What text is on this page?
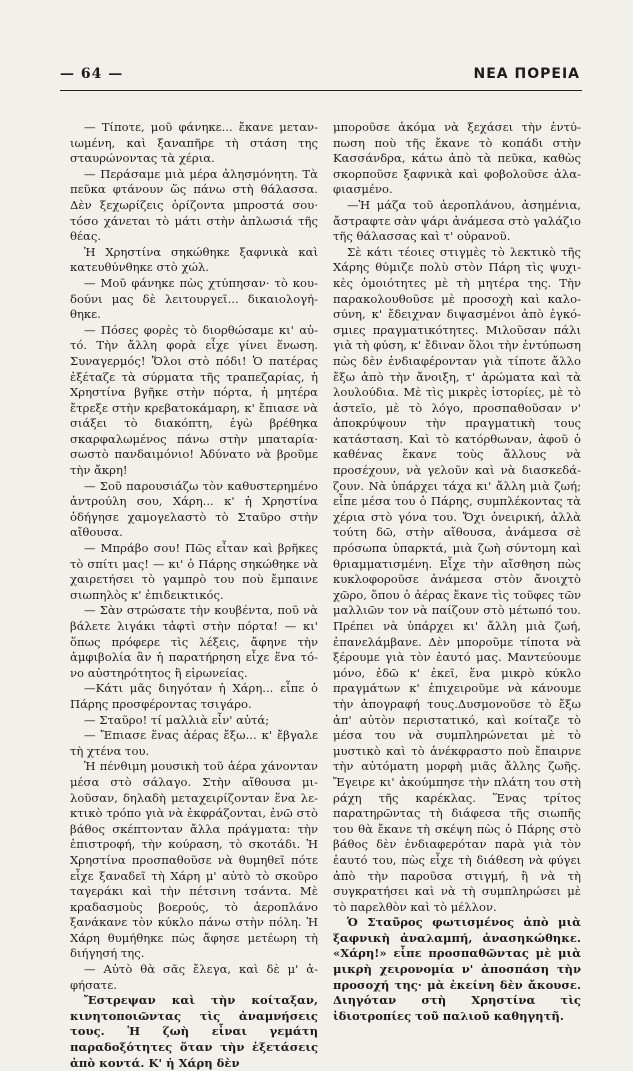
— 64 —	ΝΕΑ ΠΟΡΕΙΑ

— Τίποτε, μοῦ φάνηκε... ἔκανε μετανιωμένη, καὶ ξαναπῆρε τὴ στάση της σταυρώνοντας τὰ χέρια.

— Περάσαμε μιὰ μέρα ἀλησμόνητη. Τὰ πεῦκα φτάνουν ὥς πάνω στὴ θάλασσα. Δὲν ξεχωρίζεις ὁρίζοντα μπροστά σου· τόσο χάνεται τὸ μάτι στὴν ἀπλωσιά τῆς θέας.

Ἡ Χρηστίνα σηκώθηκε ξαφνικὰ καὶ κατευθύνθηκε στὸ χώλ.

— Μοῦ φάνηκε πὼς χτύπησαν· τὸ κουδούνι μας δὲ λειτουργεῖ... δικαιολογήθηκε.

— Πόσες φορὲς τὸ διορθώσαμε κι' αὐτό. Τὴν ἄλλη φορὰ εἶχε γίνει ἕνωση. Συναγερμός! Ὅλοι στὸ πόδι! Ὁ πατέρας ἐξέταζε τὰ σύρματα τῆς τραπεζαρίας, ἡ Χρηστίνα βγῆκε στὴν πόρτα, ἡ μητέρα ἔτρεξε στὴν κρεβατοκάμαρη, κ' ἔπιασε νὰ σιάξει τὸ διακόπτη, ἐγὼ βρέθηκα σκαρφαλωμένος πάνω στὴν μπαταρία· σωστὸ πανδαιμόνιο! Ἀδύνατο νὰ βροῦμε τὴν ἄκρη!

— Σοῦ παρουσιάζω τὸν καθυστερημένο ἀντρούλη σου, Χάρη... κ' ἡ Χρηστίνα ὁδήγησε χαμογελαστὸ τὸ Σταῦρο στὴν αἴθουσα.

— Μπράβο σου! Πῶς εἶταν καὶ βρῆκες τὸ σπίτι μας! — κι' ὁ Πάρης σηκώθηκε νὰ χαιρετήσει τὸ γαμπρὸ του ποὺ ἔμπαινε σιωπηλὸς κ' ἐπιδεικτικός.

— Σὰν στρώσατε τὴν κουβέντα, ποῦ νὰ βάλετε λιγάκι τἀφτὶ στὴν πόρτα! — κι' ὅπως πρόφερε τὶς λέξεις, ἄφηνε τὴν ἀμφιβολία ἂν ἡ παρατήρηση εἶχε ἕνα τόνο αὐστηρότητος ἢ εἰρωνείας.

—Κάτι μᾶς διηγόταν ἡ Χάρη... εἶπε ὁ Πάρης προσφέροντας τσιγάρο.

— Σταῦρο! τί μαλλιὰ εἶν' αὐτά;

— Ἔπιασε ἕνας ἀέρας ἔξω... κ' ἔβγαλε τὴ χτένα του.

Ἡ πένθιμη μουσικὴ τοῦ ἀέρα χάνονταν μέσα στὸ σάλαγο. Στὴν αἴθουσα μιλοῦσαν, δηλαδὴ μεταχειρίζονταν ἕνα λεκτικὸ τρόπο γιὰ νὰ ἐκφράζονται, ἐνῶ στὸ βάθος σκέπτονταν ἄλλα πράγματα: τὴν ἐπιστροφή, τὴν κούραση, τὸ σκοτάδι. Ἡ Χρηστίνα προσπαθοῦσε νὰ θυμηθεῖ πότε εἶχε ξαναδεῖ τὴ Χάρη μ' αὐτὸ τὸ σκοῦρο ταγεράκι καὶ τὴν πέτσινη τσάντα. Μὲ κραδασμοὺς βοερούς, τὸ ἀεροπλάνο ξανάκανε τὸν κύκλο πάνω στὴν πόλη. Ἡ Χάρη θυμήθηκε πὼς ἄφησε μετέωρη τὴ διήγησή της.

— Αὐτὸ θὰ σᾶς ἔλεγα, καὶ δὲ μ' ἀφήσατε.

Ἔστρεψαν καὶ τὴν κοίταξαν, κινητοποιῶντας τὶς ἀναμνήσεις τους. Ἡ ζωὴ εἶναι γεμάτη παραδοξότητες ὅταν τὴν ἐξετάσεις ἀπὸ κοντά. Κ' ἡ Χάρη δὲν

μποροῦσε ἀκόμα νὰ ξεχάσει τὴν ἐντύπωση ποὺ τῆς ἔκανε τὸ κοπάδι στὴν Κασσάνδρα, κάτω ἀπὸ τὰ πεῦκα, καθὼς σκορποῦσε ξαφνικὰ καὶ φοβολοῦσε ἀλαφιασμένο.

—Ἡ μάζα τοῦ ἀεροπλάνου, ἀσημένια, ἄστραφτε σὰν ψάρι ἀνάμεσα στὸ γαλάζιο τῆς θάλασσας καὶ τ' οὐρανοῦ.

Σὲ κάτι τέοιες στιγμὲς τὸ λεκτικὸ τῆς Χάρης θύμιζε πολὺ στὸν Πάρη τὶς ψυχικὲς ὁμοιότητες μὲ τὴ μητέρα της. Τὴν παρακολουθοῦσε μὲ προσοχὴ καὶ καλοσύνη, κ' ἔδειχναν διψασμένοι ἀπὸ ἐγκόσμιες πραγματικότητες. Μιλοῦσαν πάλι γιὰ τὴ φύση, κ' ἔδιναν ὅλοι τὴν ἐντύπωση πὼς δὲν ἐνδιαφέρονταν γιὰ τίποτε ἄλλο ἔξω ἀπὸ τὴν ἄνοιξη, τ' ἀρώματα καὶ τὰ λουλούδια. Μὲ τὶς μικρὲς ἱστορίες, μὲ τὸ ἀστεῖο, μὲ τὸ λόγο, προσπαθοῦσαν ν' ἀποκρύψουν τὴν πραγματικὴ τους κατάσταση. Καὶ τὸ κατόρθωναν, ἀφοῦ ὁ καθένας ἔκανε τοὺς ἄλλους νὰ προσέχουν, νὰ γελοῦν καὶ νὰ διασκεδάζουν. Νὰ ὑπάρχει τάχα κι' ἄλλη μιὰ ζωή; εἶπε μέσα του ὁ Πάρης, συμπλέκοντας τὰ χέρια στὸ γόνα του. Ὄχι ὀνειρική, ἀλλὰ τούτη δῶ, στὴν αἴθουσα, ἀνάμεσα σὲ πρόσωπα ὑπαρκτά, μιὰ ζωὴ σύντομη καὶ θριαμματισμένη. Εἶχε τὴν αἴσθηση πὼς κυκλοφοροῦσε ἀνάμεσα στὸν ἄνοιχτὸ χῶρο, ὅπου ὁ ἀέρας ἔκανε τὶς τοῦφες τῶν μαλλιῶν τον νὰ παίζουν στὸ μέτωπό του. Πρέπει νὰ ὑπάρχει κι' ἄλλη μιὰ ζωή, ἐπανελάμβανε. Δὲν μποροῦμε τίποτα νὰ ξέρουμε γιὰ τὸν ἑαυτό μας. Μαντεύουμε μόνο, ἐδῶ κ' ἐκεῖ, ἕνα μικρὸ κύκλο πραγμάτων κ' ἐπιχειροῦμε νὰ κάνουμε τὴν ἀπογραφή τους.Δυσμονοῦσε τὸ ἔξω ἀπ' αὐτὸν περιστατικό, καὶ κοίταζε τὸ μέσα του νὰ συμπληρώνεται μὲ τὸ μυστικὸ καὶ τὸ ἀνέκφραστο ποὺ ἔπαιρνε τὴν αὐτόματη μορφὴ μιᾶς ἄλλης ζωῆς. Ἔγειρε κι' ἀκούμπησε τὴν πλάτη του στὴ ράχη τῆς καρέκλας. Ἕνας τρίτος παρατηρῶντας τὴ διάφεσα τῆς σιωπῆς του θὰ ἔκανε τὴ σκέψη πὼς ὁ Πάρης στὸ βάθος δὲν ἐνδιαφερόταν παρὰ γιὰ τὸν ἑαυτό του, πὼς εἶχε τὴ διάθεση νὰ φύγει ἀπὸ τὴν παροῦσα στιγμή, ἢ νὰ τὴ συγκρατήσει καὶ νὰ τὴ συμπληρώσει μὲ τὸ παρελθὸν καὶ τὸ μέλλον.

Ὁ Σταῦρος φωτισμένος ἀπὸ μιὰ ξαφνικὴ ἀναλαμπή, ἀνασηκώθηκε. «Χάρη!» εἶπε προσπαθῶντας μὲ μιὰ μικρὴ χειρονομία ν' ἀποσπάση τὴν προσοχή της· μὰ ἐκείνη δὲν ἄκουσε. Διηγόταν στὴ Χρηστίνα τὶς ἰδιοτροπίες τοῦ παλιοῦ καθηγητῆ.
